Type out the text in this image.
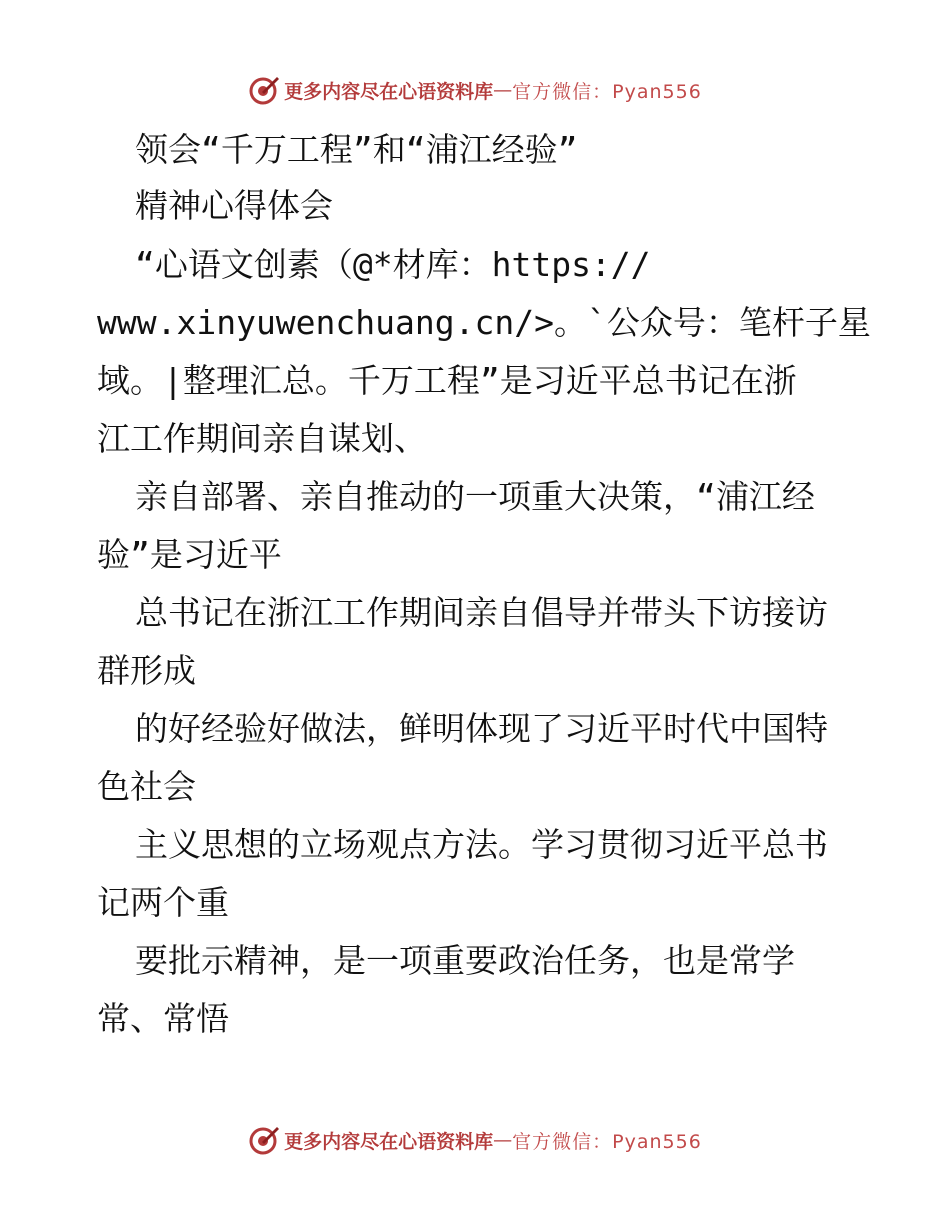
更多内容尽在心语资料库 — 官方微信：Pyan556
领会“千万工程”和“浦江经验”
精神心得体会
“心语文创素（@*材库：https://
www.xinyuwenchuang.cn/>。`公众号：笔杆子星
域。|整理汇总。千万工程”是习近平总书记在浙
江工作期间亲自谋划、
亲自部署、亲自推动的一项重大决策，“浦江经
验”是习近平
总书记在浙江工作期间亲自倡导并带头下访接访
群形成
的好经验好做法，鲜明体现了习近平时代中国特
色社会
主义思想的立场观点方法。学习贯彻习近平总书
记两个重
要批示精神，是一项重要政治任务，也是常学
常、常悟
更多内容尽在心语资料库 — 官方微信：Pyan556
